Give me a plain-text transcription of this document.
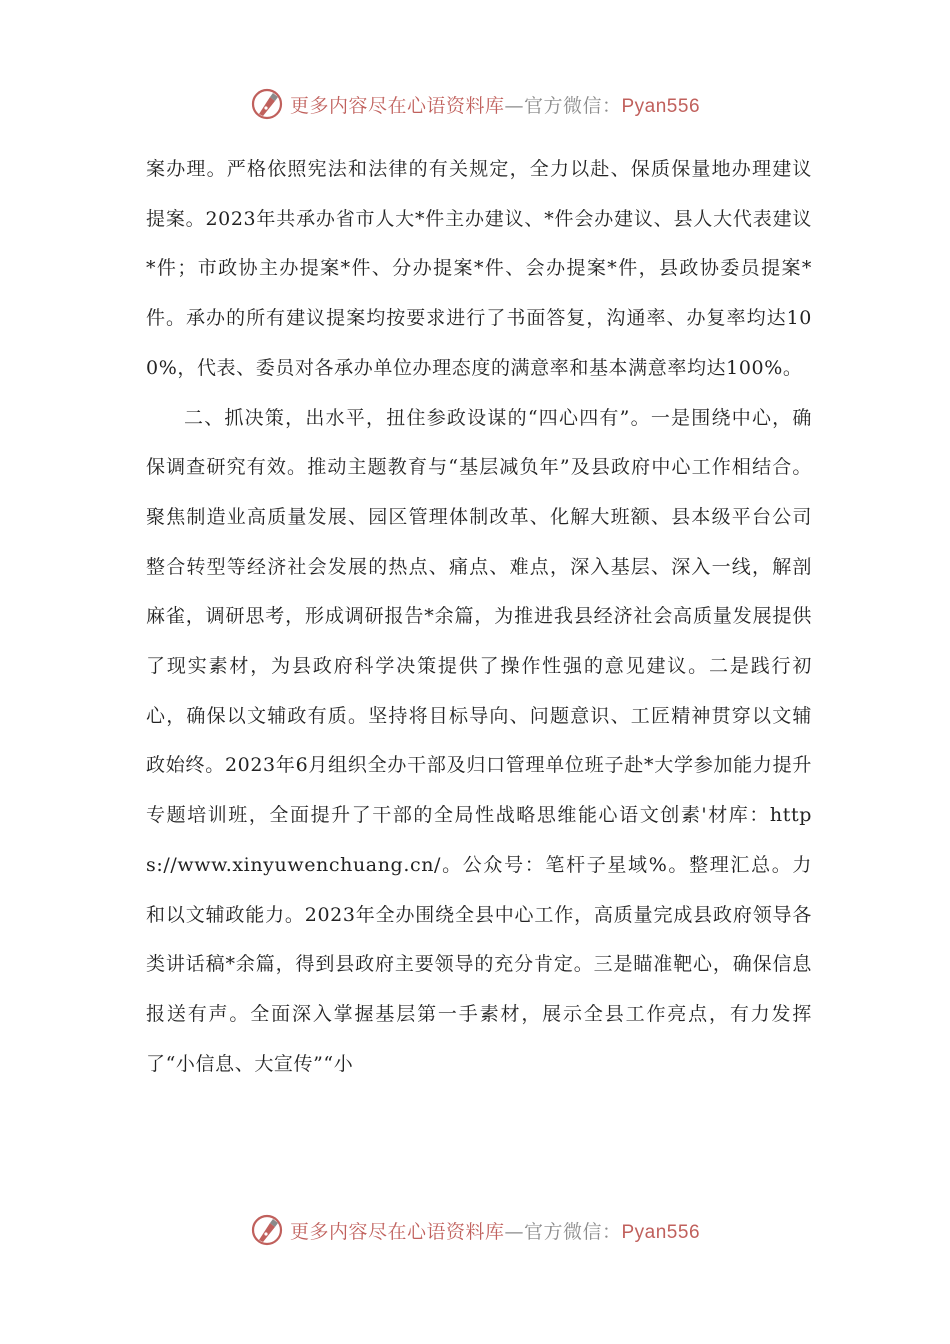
更多内容尽在心语资料库—官方微信：Pyan556

案办理。严格依照宪法和法律的有关规定，全力以赴、保质保量地办理建议提案。2023年共承办省市人大*件主办建议、*件会办建议、县人大代表建议*件；市政协主办提案*件、分办提案*件、会办提案*件，县政协委员提案*件。承办的所有建议提案均按要求进行了书面答复，沟通率、办复率均达100%，代表、委员对各承办单位办理态度的满意率和基本满意率均达100%。

二、抓决策，出水平，扭住参政设谋的“四心四有”。一是围绕中心，确保调查研究有效。推动主题教育与“基层减负年”及县政府中心工作相结合。聚焦制造业高质量发展、园区管理体制改革、化解大班额、县本级平台公司整合转型等经济社会发展的热点、痛点、难点，深入基层、深入一线，解剖麻雀，调研思考，形成调研报告*余篇，为推进我县经济社会高质量发展提供了现实素材，为县政府科学决策提供了操作性强的意见建议。二是践行初心，确保以文辅政有质。坚持将目标导向、问题意识、工匠精神贯穿以文辅政始终。2023年6月组织全办干部及归口管理单位班子赴*大学参加能力提升专题培训班，全面提升了干部的全局性战略思维能心语文创素'材库：https://www.xinyuwenchuang.cn/。公众号：笔杆子星域%。整理汇总。力和以文辅政能力。2023年全办围绕全县中心工作，高质量完成县政府领导各类讲话稿*余篇，得到县政府主要领导的充分肯定。三是瞄准靶心，确保信息报送有声。全面深入掌握基层第一手素材，展示全县工作亮点，有力发挥了“小信息、大宣传”“小

更多内容尽在心语资料库—官方微信：Pyan556
